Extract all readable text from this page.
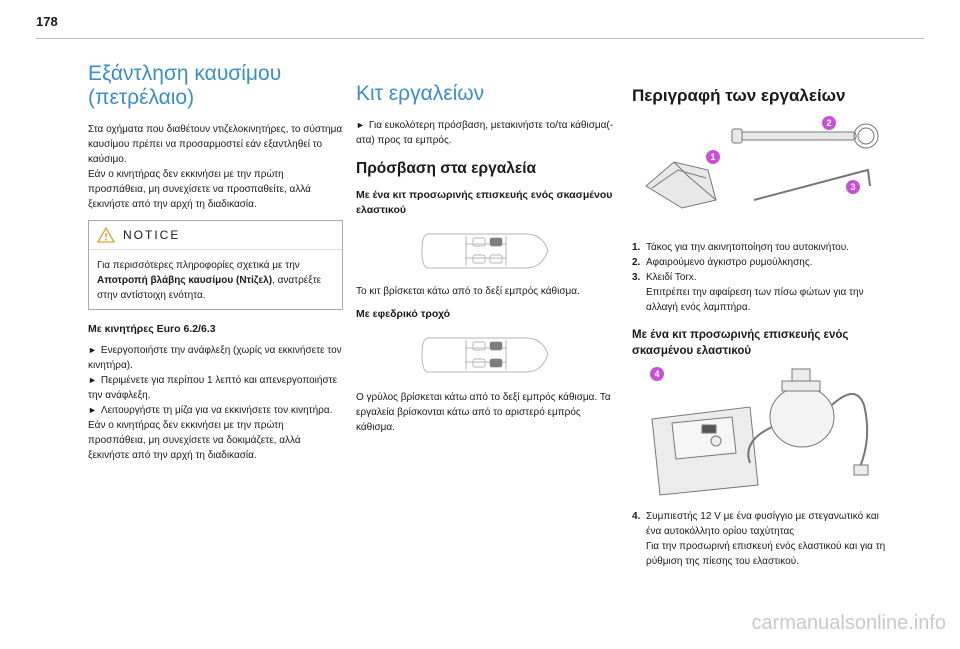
178
Εξάντληση καυσίμου
(πετρέλαιο)

Στα οχήματα που διαθέτουν ντιζελοκινητήρες, το σύστημα καυσίμου πρέπει να προσαρμοστεί εάν εξαντληθεί το καύσιμο.

Εάν ο κινητήρας δεν εκκινήσει με την πρώτη προσπάθεια, μη συνεχίσετε να προσπαθείτε, αλλά ξεκινήστε από την αρχή τη διαδικασία.

NOTICE

Για περισσότερες πληροφορίες σχετικά με την Αποτροπή βλάβης καυσίμου (Ντίζελ), ανατρέξτε στην αντίστοιχη ενότητα.

Με κινητήρες Euro 6.2/6.3

► Ενεργοποιήστε την ανάφλεξη (χωρίς να εκκινήσετε τον κινητήρα).

► Περιμένετε για περίπου 1 λεπτό και απενεργοποιήστε την ανάφλεξη.

► Λειτουργήστε τη μίζα για να εκκινήσετε τον κινητήρα.

Εάν ο κινητήρας δεν εκκινήσει με την πρώτη προσπάθεια, μη συνεχίσετε να δοκιμάζετε, αλλά ξεκινήστε από την αρχή τη διαδικασία.

Κιτ εργαλείων

► Για ευκολότερη πρόσβαση, μετακινήστε το/τα κάθισμα(-ατα) προς τα εμπρός.

Πρόσβαση στα εργαλεία
Με ένα κιτ προσωρινής επισκευής ενός σκασμένου ελαστικού

Το κιτ βρίσκεται κάτω από το δεξί εμπρός κάθισμα.

Με εφεδρικό τροχό

Ο γρύλος βρίσκεται κάτω από το δεξί εμπρός κάθισμα. Τα εργαλεία βρίσκονται κάτω από το αριστερό εμπρός κάθισμα.

Περιγραφή των εργαλείων
1
2
3
1. Τάκος για την ακινητοποίηση του αυτοκινήτου.
2. Αφαιρούμενο άγκιστρο ρυμούλκησης.
3. Κλειδί Torx.
Επιτρέπει την αφαίρεση των πίσω φώτων για την αλλαγή ενός λαμπτήρα.
Με ένα κιτ προσωρινής επισκευής ενός σκασμένου ελαστικού
4
4. Συμπιεστής 12 V με ένα φυσίγγιο με στεγανωτικό και ένα αυτοκόλλητο ορίου ταχύτητας
Για την προσωρινή επισκευή ενός ελαστικού και για τη ρύθμιση της πίεσης του ελαστικού.
carmanualsonline.info
